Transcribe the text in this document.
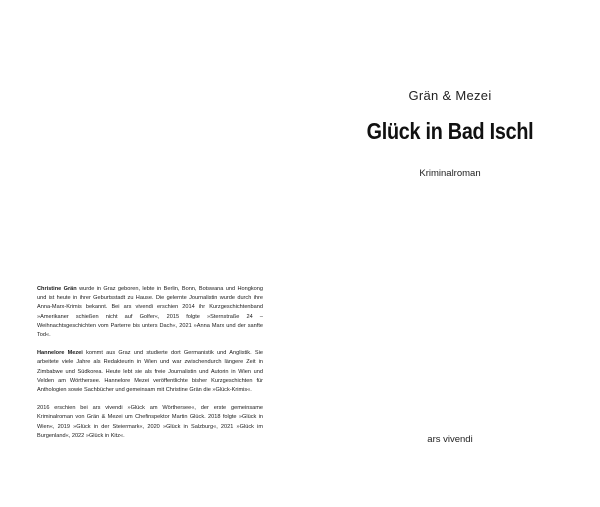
Christine Grän wurde in Graz geboren, lebte in Berlin, Bonn, Botswana und Hongkong und ist heute in ihrer Geburtsstadt zu Hause. Die gelernte Journalistin wurde durch ihre Anna-Marx-Krimis bekannt. Bei ars vivendi erschien 2014 ihr Kurzgeschichtenband »Amerikaner schießen nicht auf Golfer«, 2015 folgte »Sternstraße 24 – Weihnachtsgeschichten vom Parterre bis unters Dach«, 2021 »Anna Marx und der sanfte Tod«.

Hannelore Mezei kommt aus Graz und studierte dort Germanistik und Anglistik. Sie arbeitete viele Jahre als Redakteurin in Wien und war zwischendurch längere Zeit in Zimbabwe und Südkorea. Heute lebt sie als freie Journalistin und Autorin in Wien und Velden am Wörthersee. Hannelore Mezei veröffentlichte bisher Kurzgeschichten für Anthologien sowie Sachbücher und gemeinsam mit Christine Grän die »Glück-Krimis«.

2016 erschien bei ars vivendi »Glück am Wörthersee«, der erste gemeinsame Kriminalroman von Grän & Mezei um Chefinspektor Martin Glück. 2018 folgte »Glück in Wien«, 2019 »Glück in der Steiermark«, 2020 »Glück in Salzburg«, 2021 »Glück im Burgenland«, 2022 »Glück in Kitz«.

Grän & Mezei
Glück in Bad Ischl
Kriminalroman
ars vivendi
